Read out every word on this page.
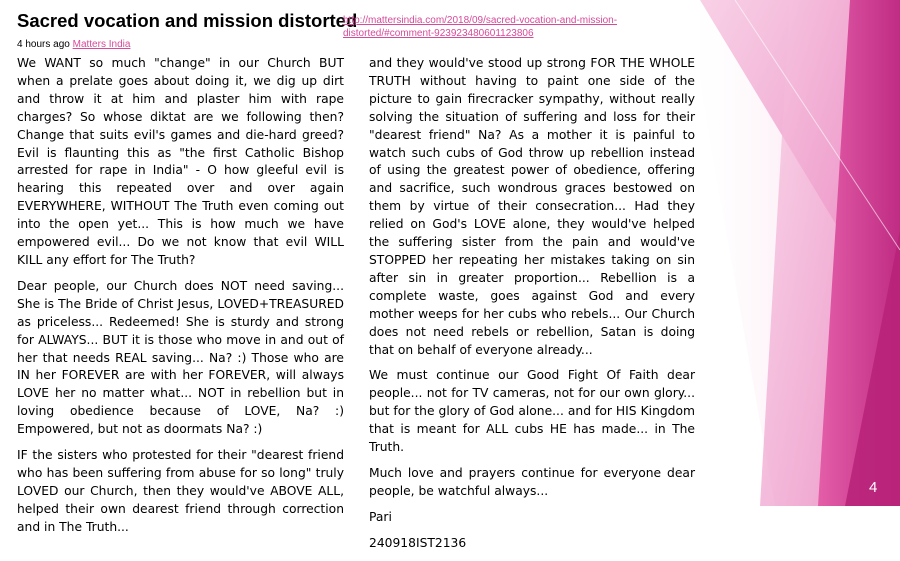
Sacred vocation and mission distorted
http://mattersindia.com/2018/09/sacred-vocation-and-mission-distorted/#comment-923923480601123806
4 hours ago Matters India

We WANT so much "change" in our Church BUT when a prelate goes about doing it, we dig up dirt and throw it at him and plaster him with rape charges? So whose diktat are we following then? Change that suits evil's games and die-hard greed? Evil is flaunting this as "the first Catholic Bishop arrested for rape in India" - O how gleeful evil is hearing this repeated over and over again EVERYWHERE, WITHOUT The Truth even coming out into the open yet... This is how much we have empowered evil... Do we not know that evil WILL KILL any effort for The Truth?

Dear people, our Church does NOT need saving... She is The Bride of Christ Jesus, LOVED+TREASURED as priceless... Redeemed! She is sturdy and strong for ALWAYS... BUT it is those who move in and out of her that needs REAL saving... Na? :) Those who are IN her FOREVER are with her FOREVER, will always LOVE her no matter what... NOT in rebellion but in loving obedience because of LOVE, Na? :) Empowered, but not as doormats Na? :)

IF the sisters who protested for their "dearest friend who has been suffering from abuse for so long" truly LOVED our Church, then they would've ABOVE ALL, helped their own dearest friend through correction and in The Truth...

and they would've stood up strong FOR THE WHOLE TRUTH without having to paint one side of the picture to gain firecracker sympathy, without really solving the situation of suffering and loss for their "dearest friend" Na? As a mother it is painful to watch such cubs of God throw up rebellion instead of using the greatest power of obedience, offering and sacrifice, such wondrous graces bestowed on them by virtue of their consecration... Had they relied on God's LOVE alone, they would've helped the suffering sister from the pain and would've STOPPED her repeating her mistakes taking on sin after sin in greater proportion... Rebellion is a complete waste, goes against God and every mother weeps for her cubs who rebels... Our Church does not need rebels or rebellion, Satan is doing that on behalf of everyone already...

We must continue our Good Fight Of Faith dear people... not for TV cameras, not for our own glory... but for the glory of God alone... and for HIS Kingdom that is meant for ALL cubs HE has made... in The Truth.

Much love and prayers continue for everyone dear people, be watchful always...

Pari

240918IST2136

4
